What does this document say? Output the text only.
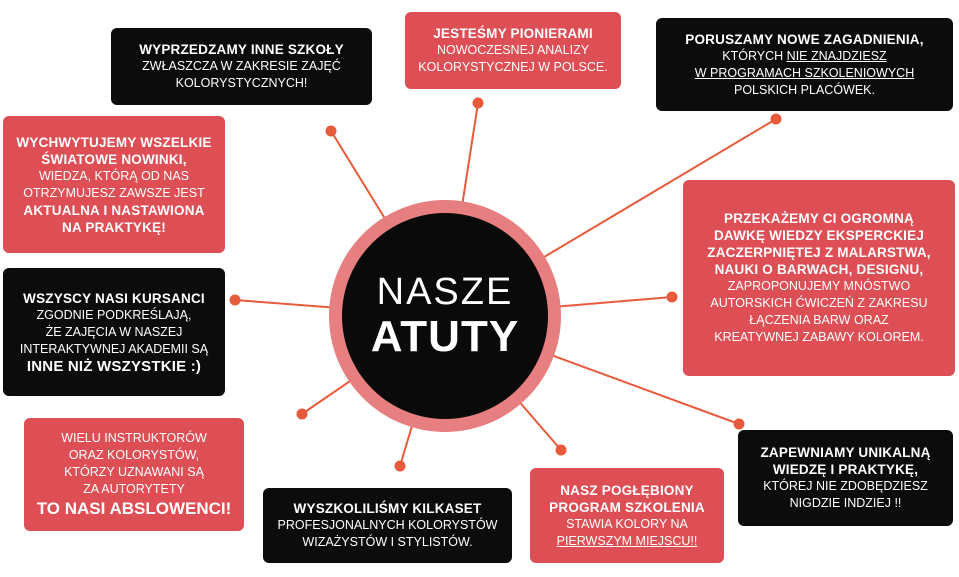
NASZE
ATUTY
WYPRZEDZAMY INNE SZKOŁY
ZWŁASZCZA W ZAKRESIE ZAJĘĆ
KOLORYSTYCZNYCH!
JESTEŚMY PIONIERAMI
NOWOCZESNEJ ANALIZY
KOLORYSTYCZNEJ W POLSCE.
PORUSZAMY NOWE ZAGADNIENIA,
KTÓRYCH NIE ZNAJDZIESZ
W PROGRAMACH SZKOLENIOWYCH
POLSKICH PLACÓWEK.
WYCHWYTUJEMY WSZELKIE
ŚWIATOWE NOWINKI,
WIEDZA, KTÓRĄ OD NAS
OTRZYMUJESZ ZAWSZE JEST
AKTUALNA I NASTAWIONA
NA PRAKTYKĘ!
PRZEKAŻEMY CI OGROMNĄ
DAWKĘ WIEDZY EKSPERCKIEJ
ZACZERPNIĘTEJ Z MALARSTWA,
NAUKI O BARWACH, DESIGNU,
ZAPROPONUJEMY MNÓSTWO
AUTORSKICH ĆWICZEŃ Z ZAKRESU
ŁĄCZENIA BARW ORAZ
KREATYWNEJ ZABAWY KOLOREM.
WSZYSCY NASI KURSANCI
ZGODNIE PODKREŚLAJĄ,
ŻE ZAJĘCIA W NASZEJ
INTERAKTYWNEJ AKADEMII SĄ
INNE NIŻ WSZYSTKIE :)
WIELU INSTRUKTORÓW
ORAZ KOLORYSTÓW,
KTÓRZY UZNAWANI SĄ
ZA AUTORYTETY
TO NASI ABSLOWENCI!	WYSZKOLILIŚMY KILKASET
PROFESJONALNYCH KOLORYSTÓW
WIZAŻYSTÓW I STYLISTÓW.
NASZ POGŁĘBIONY
PROGRAM SZKOLENIA
STAWIA KOLORY NA
PIERWSZYM MIEJSCU!!
ZAPEWNIAMY UNIKALNĄ
WIEDZĘ I PRAKTYKĘ,
KTÓREJ NIE ZDOBĘDZIESZ
NIGDZIE INDZIEJ !!
